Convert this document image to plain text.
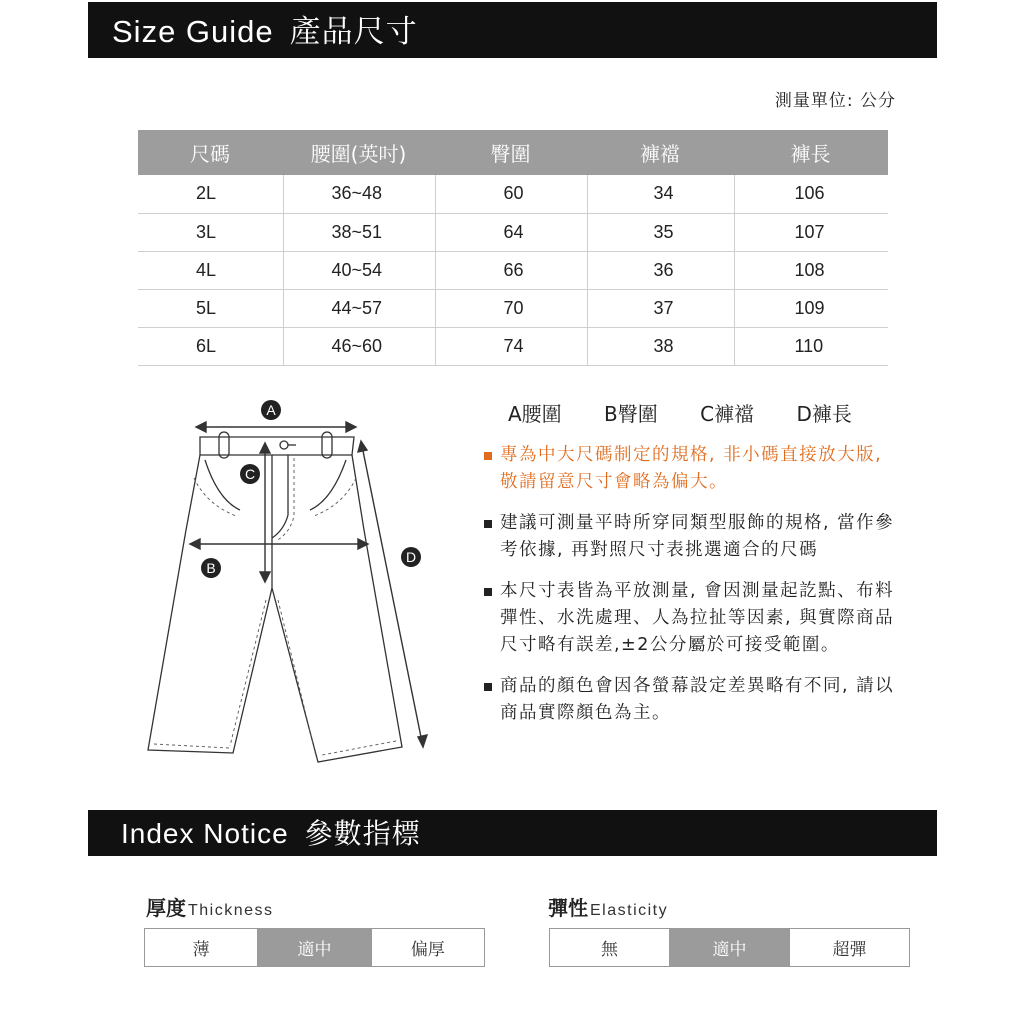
Size Guide 產品尺寸
測量單位: 公分
尺碼	腰圍(英吋)	臀圍	褲襠	褲長
2L	36~48	60	34	106
3L	38~51	64	35	107
4L	40~54	66	36	108
5L	44~57	70	37	109
6L	46~60	74	38	110
A
C
B
D
A腰圍 B臀圍 C褲襠 D褲長
專為中大尺碼制定的規格, 非小碼直接放大版, 敬請留意尺寸會略為偏大。
建議可測量平時所穿同類型服飾的規格, 當作參考依據, 再對照尺寸表挑選適合的尺碼
本尺寸表皆為平放測量, 會因測量起訖點、布料彈性、水洗處理、人為拉扯等因素, 與實際商品尺寸略有誤差,±2公分屬於可接受範圍。
商品的顏色會因各螢幕設定差異略有不同, 請以商品實際顏色為主。
Index Notice 參數指標
厚度 Thickness
薄	適中	偏厚
彈性 Elasticity
無	適中	超彈
